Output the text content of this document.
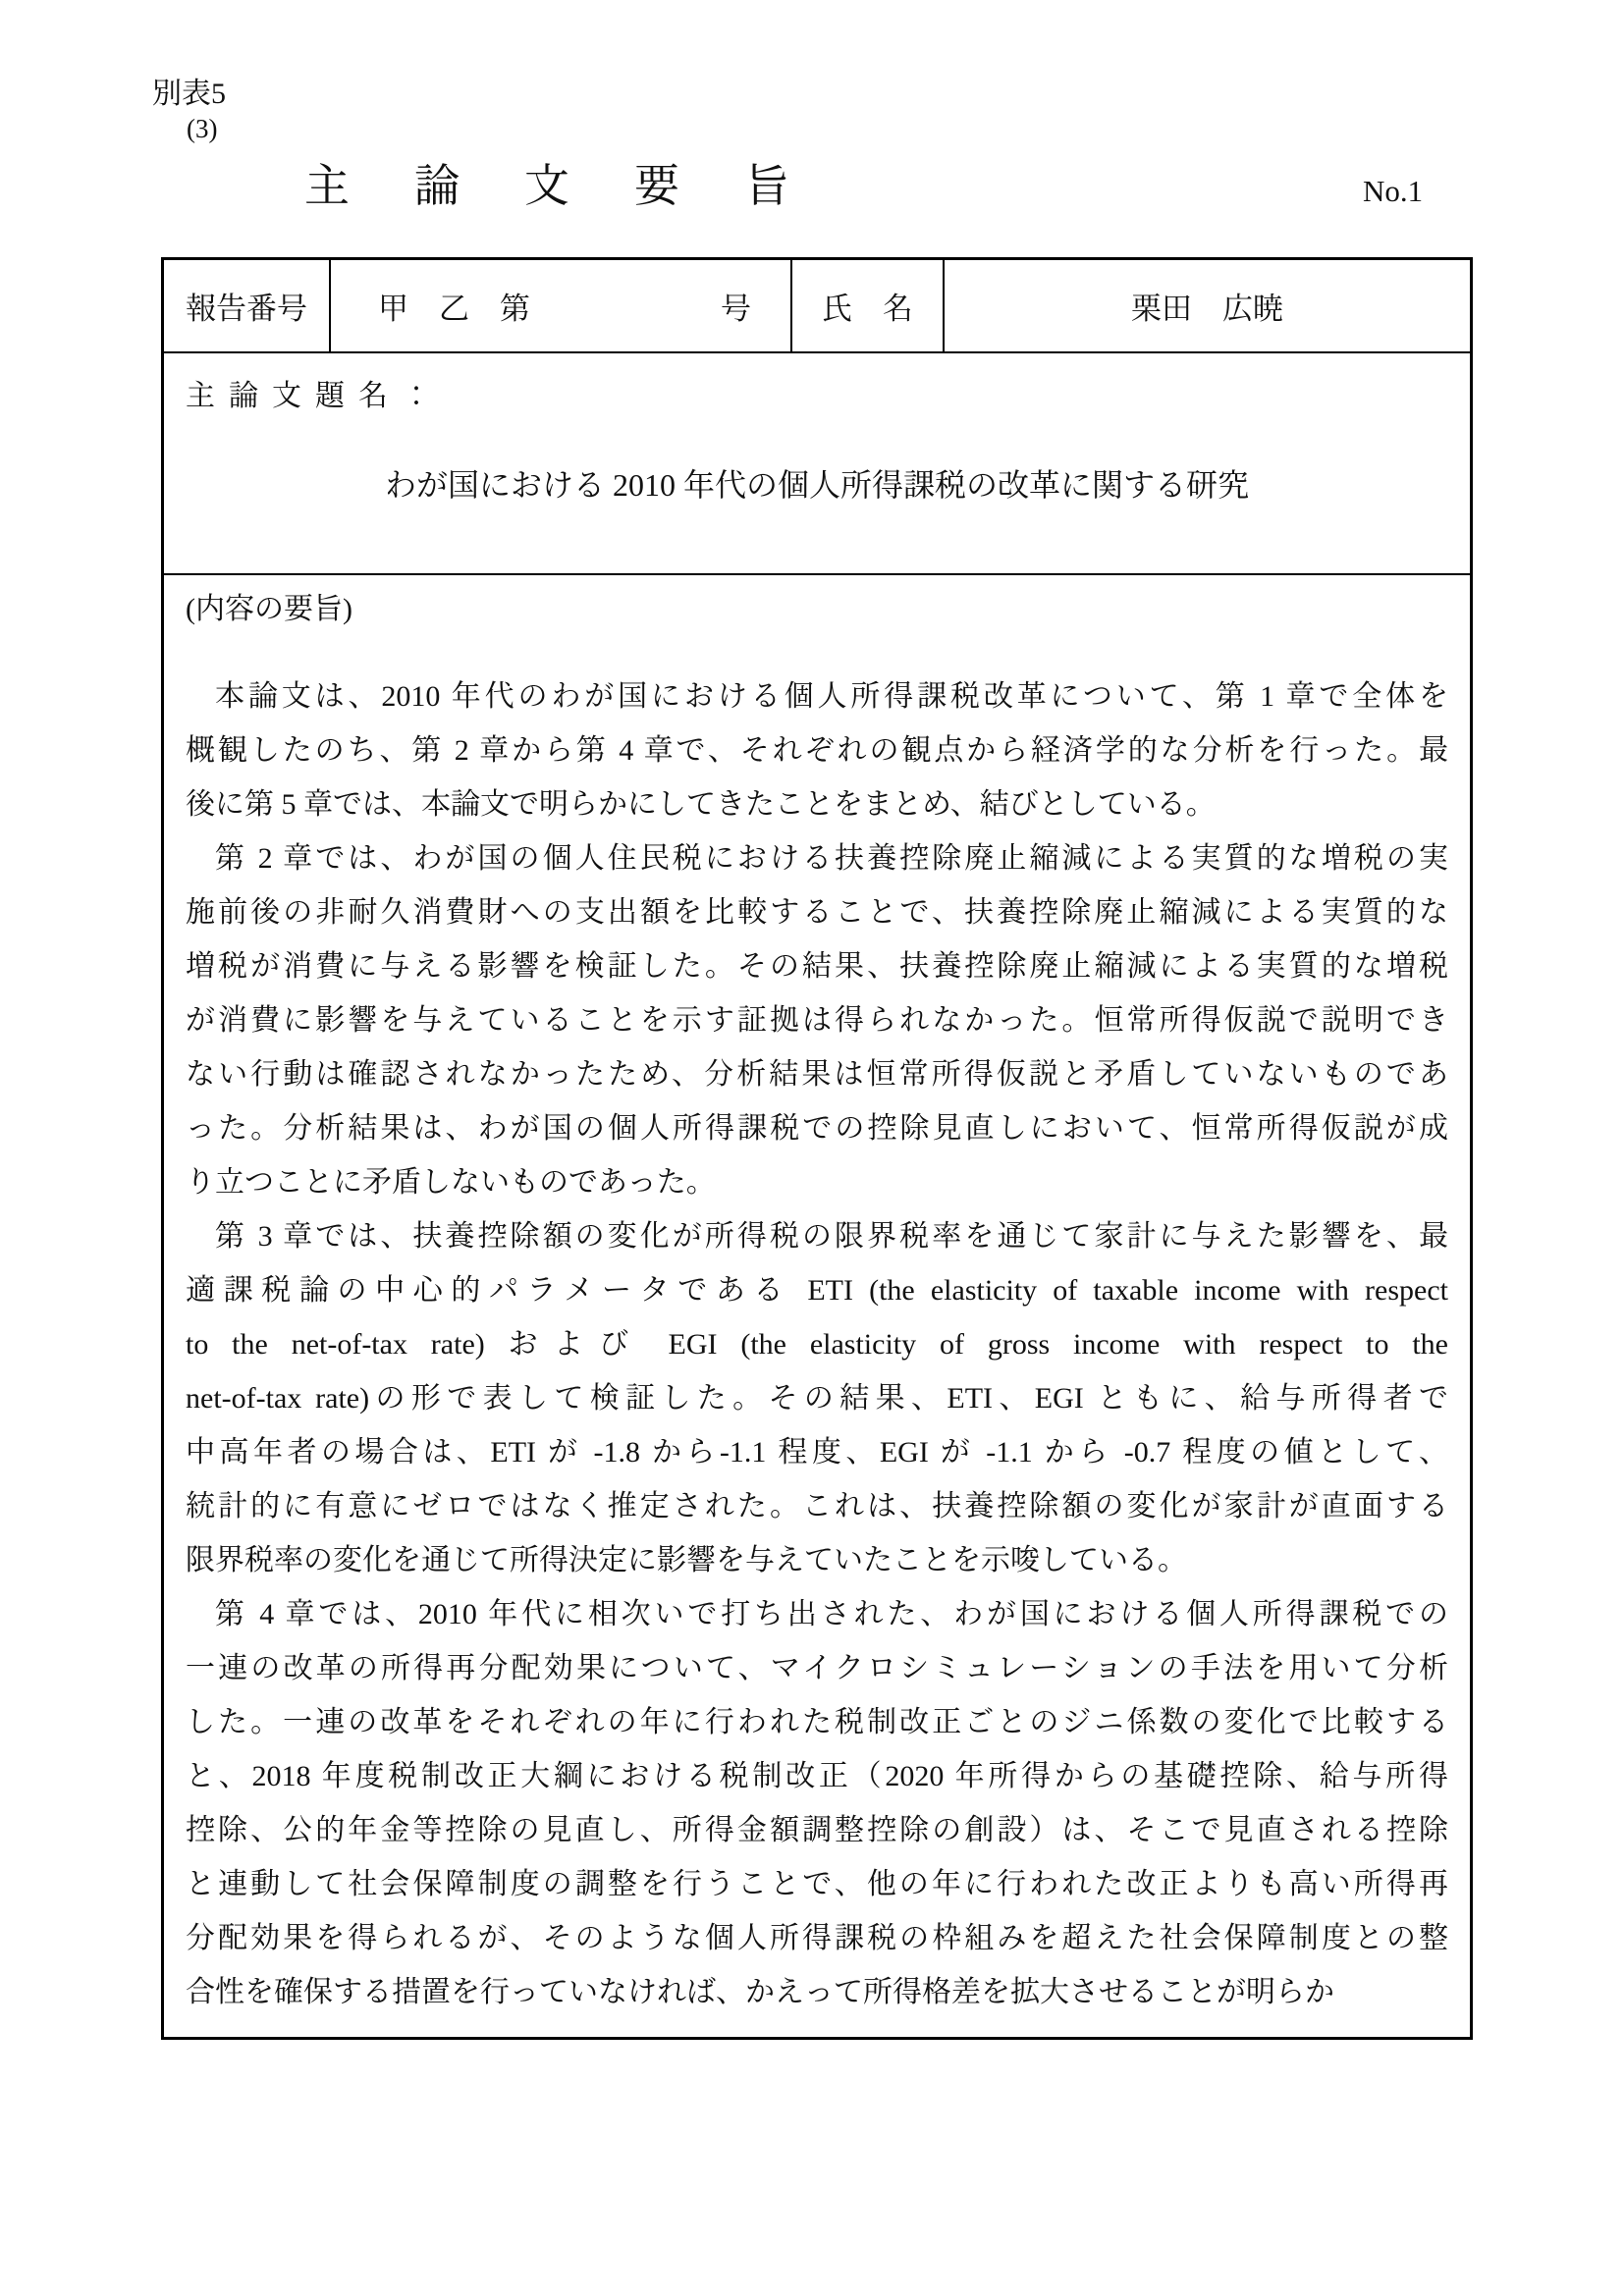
別表5
(3)
主論文要旨	No.1
報告番号	甲　乙　第	号	氏　名	栗田　広暁
主論文題名：
わが国における 2010 年代の個人所得課税の改革に関する研究
(内容の要旨)
本論文は、2010 年代のわが国における個人所得課税改革について、第 1 章で全体を
概観したのち、第 2 章から第 4 章で、それぞれの観点から経済学的な分析を行った。最
後に第 5 章では、本論文で明らかにしてきたことをまとめ、結びとしている。
第 2 章では、わが国の個人住民税における扶養控除廃止縮減による実質的な増税の実
施前後の非耐久消費財への支出額を比較することで、扶養控除廃止縮減による実質的な
増税が消費に与える影響を検証した。その結果、扶養控除廃止縮減による実質的な増税
が消費に影響を与えていることを示す証拠は得られなかった。恒常所得仮説で説明でき
ない行動は確認されなかったため、分析結果は恒常所得仮説と矛盾していないものであ
った。分析結果は、わが国の個人所得課税での控除見直しにおいて、恒常所得仮説が成
り立つことに矛盾しないものであった。
第 3 章では、扶養控除額の変化が所得税の限界税率を通じて家計に与えた影響を、最
適課税論の中心的パラメータである ETI (the elasticity of taxable income with respect
to the net-of-tax rate) および EGI (the elasticity of gross income with respect to the
net-of-tax rate)の形で表して検証した。その結果、ETI、EGI ともに、給与所得者で
中高年者の場合は、ETI が -1.8 から-1.1 程度、EGI が -1.1 から -0.7 程度の値として、
統計的に有意にゼロではなく推定された。これは、扶養控除額の変化が家計が直面する
限界税率の変化を通じて所得決定に影響を与えていたことを示唆している。
第 4 章では、2010 年代に相次いで打ち出された、わが国における個人所得課税での
一連の改革の所得再分配効果について、マイクロシミュレーションの手法を用いて分析
した。一連の改革をそれぞれの年に行われた税制改正ごとのジニ係数の変化で比較する
と、2018 年度税制改正大綱における税制改正（2020 年所得からの基礎控除、給与所得
控除、公的年金等控除の見直し、所得金額調整控除の創設）は、そこで見直される控除
と連動して社会保障制度の調整を行うことで、他の年に行われた改正よりも高い所得再
分配効果を得られるが、そのような個人所得課税の枠組みを超えた社会保障制度との整
合性を確保する措置を行っていなければ、かえって所得格差を拡大させることが明らか
